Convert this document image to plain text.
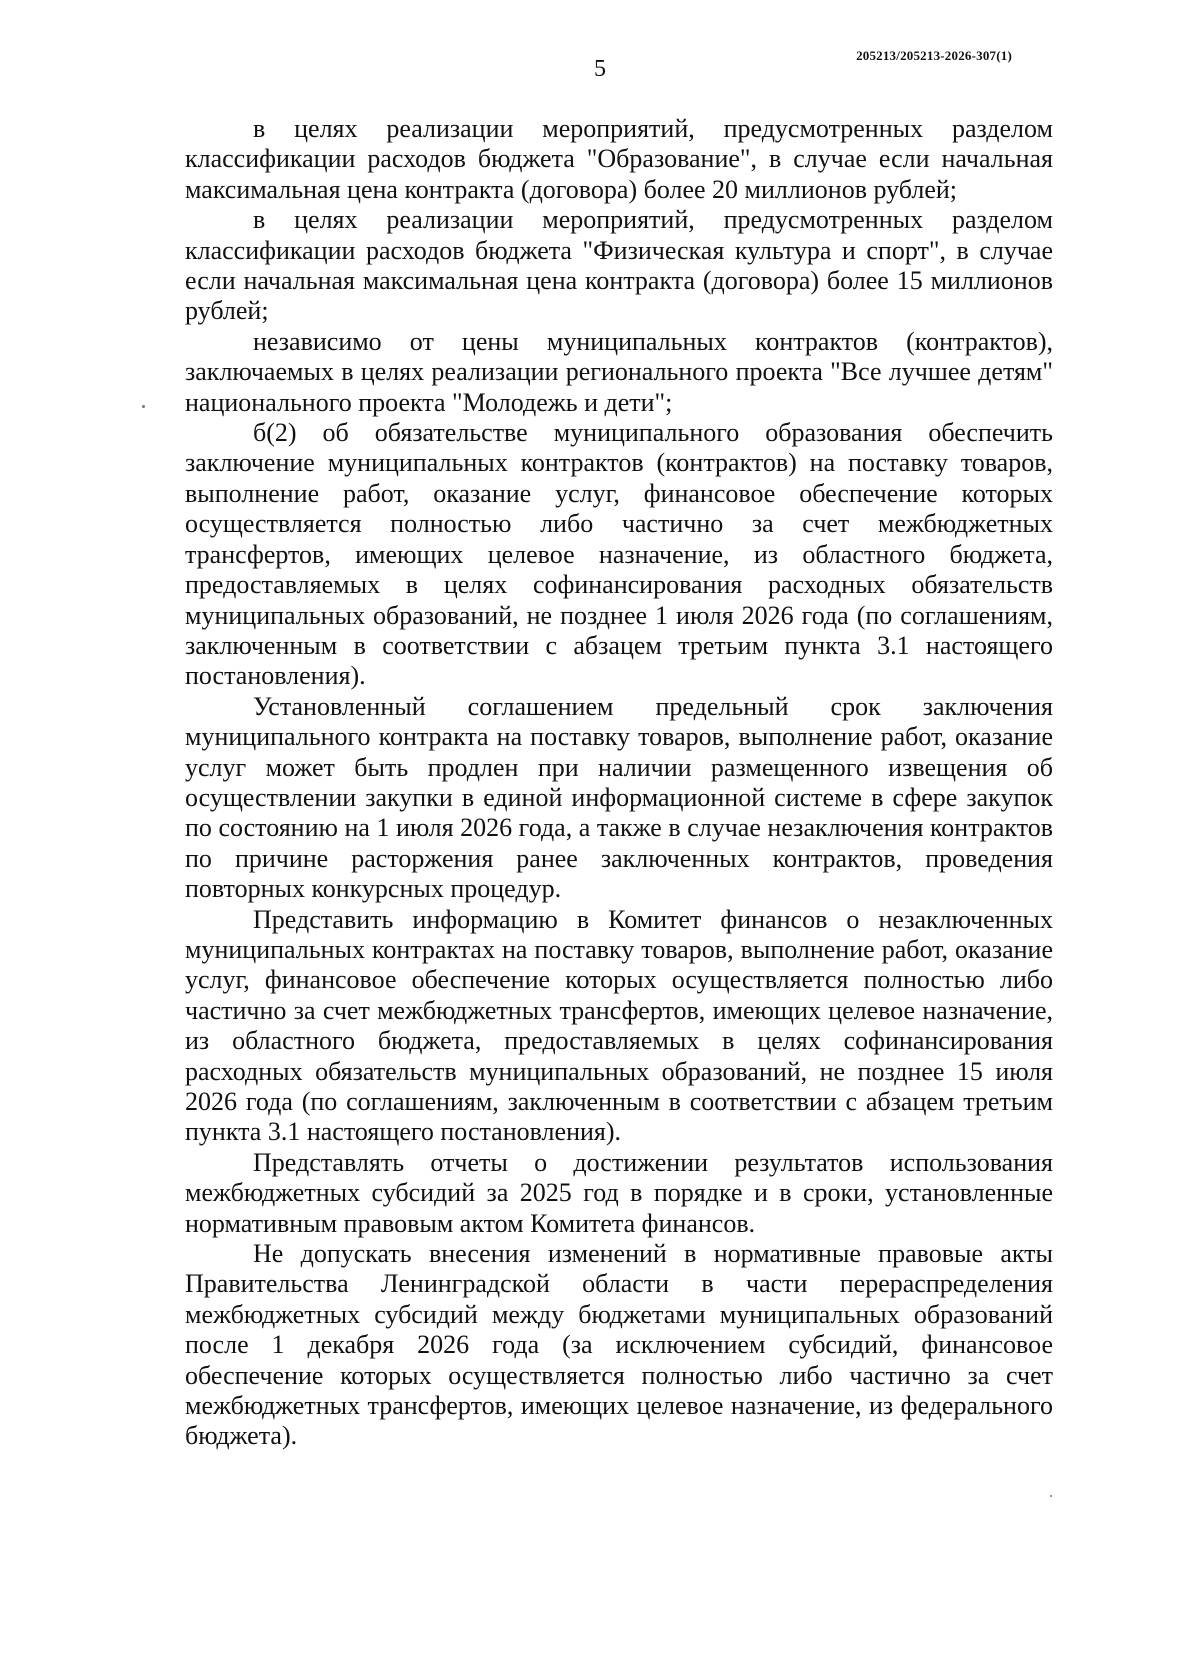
205213/205213-2026-307(1)
5

в целях реализации мероприятий, предусмотренных разделом классификации расходов бюджета "Образование", в случае если начальная максимальная цена контракта (договора) более 20 миллионов рублей;

в целях реализации мероприятий, предусмотренных разделом классификации расходов бюджета "Физическая культура и спорт", в случае если начальная максимальная цена контракта (договора) более 15 миллионов рублей;

независимо от цены муниципальных контрактов (контрактов), заключаемых в целях реализации регионального проекта "Все лучшее детям" национального проекта "Молодежь и дети";

б(2) об обязательстве муниципального образования обеспечить заключение муниципальных контрактов (контрактов) на поставку товаров, выполнение работ, оказание услуг, финансовое обеспечение которых осуществляется полностью либо частично за счет межбюджетных трансфертов, имеющих целевое назначение, из областного бюджета, предоставляемых в целях софинансирования расходных обязательств муниципальных образований, не позднее 1 июля 2026 года (по соглашениям, заключенным в соответствии с абзацем третьим пункта 3.1 настоящего постановления).

Установленный соглашением предельный срок заключения муниципального контракта на поставку товаров, выполнение работ, оказание услуг может быть продлен при наличии размещенного извещения об осуществлении закупки в единой информационной системе в сфере закупок по состоянию на 1 июля 2026 года, а также в случае незаключения контрактов по причине расторжения ранее заключенных контрактов, проведения повторных конкурсных процедур.

Представить информацию в Комитет финансов о незаключенных муниципальных контрактах на поставку товаров, выполнение работ, оказание услуг, финансовое обеспечение которых осуществляется полностью либо частично за счет межбюджетных трансфертов, имеющих целевое назначение, из областного бюджета, предоставляемых в целях софинансирования расходных обязательств муниципальных образований, не позднее 15 июля 2026 года (по соглашениям, заключенным в соответствии с абзацем третьим пункта 3.1 настоящего постановления).

Представлять отчеты о достижении результатов использования межбюджетных субсидий за 2025 год в порядке и в сроки, установленные нормативным правовым актом Комитета финансов.

Не допускать внесения изменений в нормативные правовые акты Правительства Ленинградской области в части перераспределения межбюджетных субсидий между бюджетами муниципальных образований после 1 декабря 2026 года (за исключением субсидий, финансовое обеспечение которых осуществляется полностью либо частично за счет межбюджетных трансфертов, имеющих целевое назначение, из федерального бюджета).
